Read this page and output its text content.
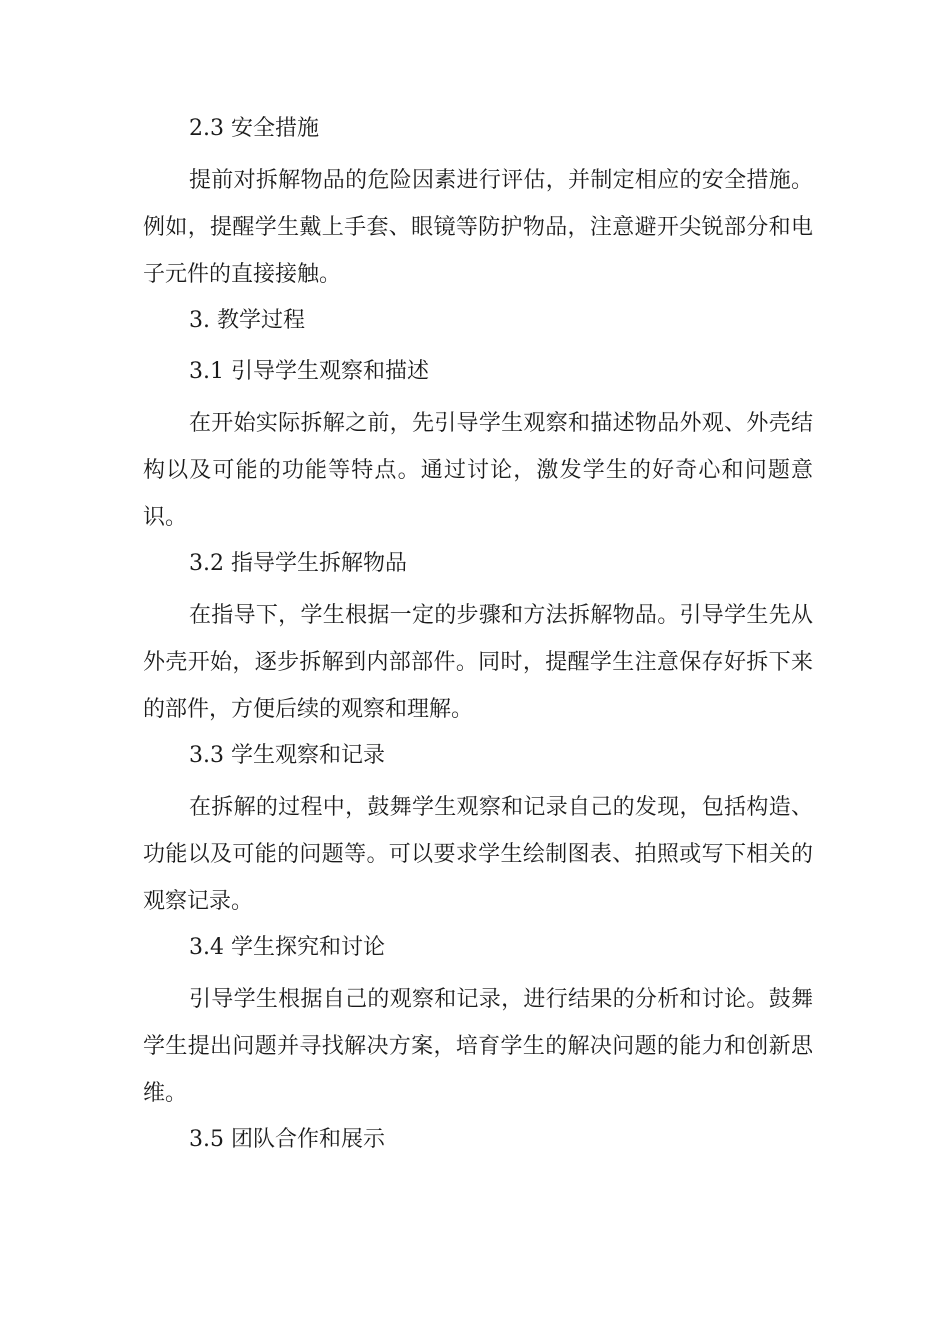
2.3 安全措施

提前对拆解物品的危险因素进行评估，并制定相应的安全措施。例如，提醒学生戴上手套、眼镜等防护物品，注意避开尖锐部分和电子元件的直接接触。

3. 教学过程

3.1 引导学生观察和描述

在开始实际拆解之前，先引导学生观察和描述物品外观、外壳结构以及可能的功能等特点。通过讨论，激发学生的好奇心和问题意识。

3.2 指导学生拆解物品

在指导下，学生根据一定的步骤和方法拆解物品。引导学生先从外壳开始，逐步拆解到内部部件。同时，提醒学生注意保存好拆下来的部件，方便后续的观察和理解。

3.3 学生观察和记录

在拆解的过程中，鼓舞学生观察和记录自己的发现，包括构造、功能以及可能的问题等。可以要求学生绘制图表、拍照或写下相关的观察记录。

3.4 学生探究和讨论

引导学生根据自己的观察和记录，进行结果的分析和讨论。鼓舞学生提出问题并寻找解决方案，培育学生的解决问题的能力和创新思维。

3.5 团队合作和展示
